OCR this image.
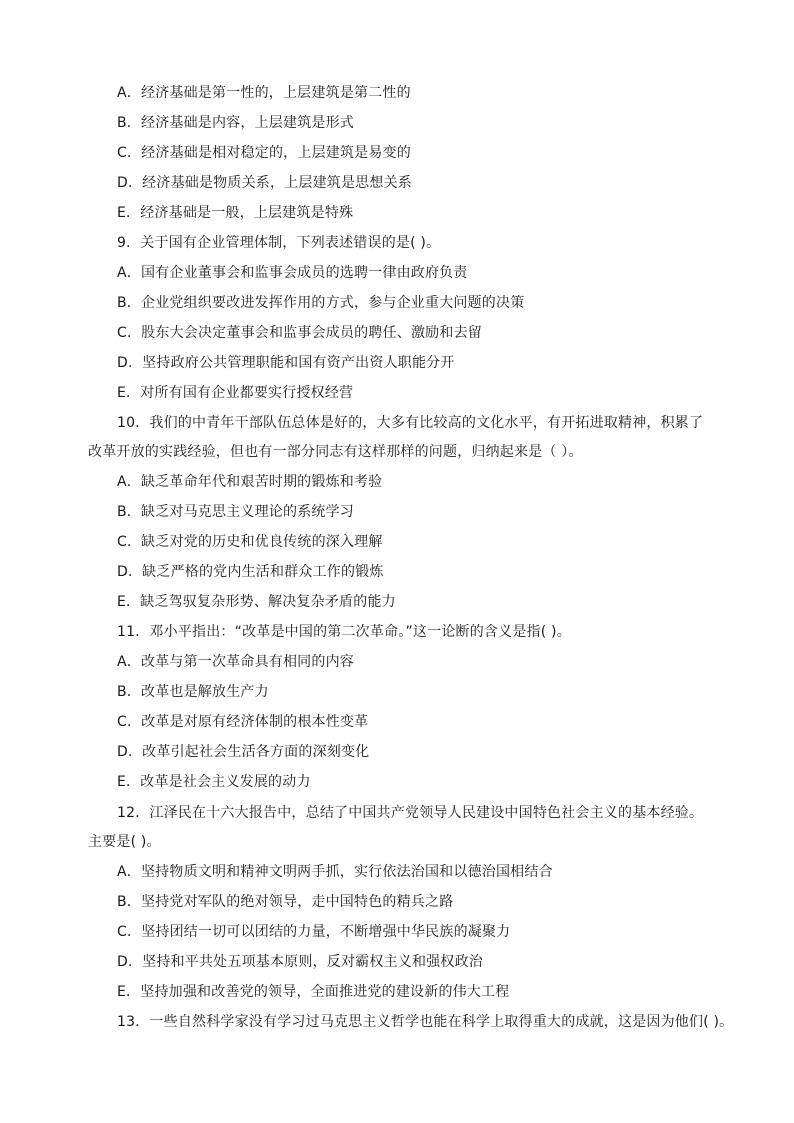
A．经济基础是第一性的，上层建筑是第二性的
B．经济基础是内容，上层建筑是形式
C．经济基础是相对稳定的，上层建筑是易变的
D．经济基础是物质关系，上层建筑是思想关系
E．经济基础是一般，上层建筑是特殊
9．关于国有企业管理体制，下列表述错误的是( )。
A．国有企业董事会和监事会成员的选聘一律由政府负责
B．企业党组织要改进发挥作用的方式，参与企业重大问题的决策
C．股东大会决定董事会和监事会成员的聘任、激励和去留
D．坚持政府公共管理职能和国有资产出资人职能分开
E．对所有国有企业都要实行授权经营
10．我们的中青年干部队伍总体是好的，大多有比较高的文化水平，有开拓进取精神，积累了
改革开放的实践经验，但也有一部分同志有这样那样的问题，归纳起来是（ ）。
A．缺乏革命年代和艰苦时期的锻炼和考验
B．缺乏对马克思主义理论的系统学习
C．缺乏对党的历史和优良传统的深入理解
D．缺乏严格的党内生活和群众工作的锻炼
E．缺乏驾驭复杂形势、解决复杂矛盾的能力
11．邓小平指出：“改革是中国的第二次革命。”这一论断的含义是指( )。
A．改革与第一次革命具有相同的内容
B．改革也是解放生产力
C．改革是对原有经济体制的根本性变革
D．改革引起社会生活各方面的深刻变化
E．改革是社会主义发展的动力
12．江泽民在十六大报告中，总结了中国共产党领导人民建设中国特色社会主义的基本经验。
主要是( )。
A．坚持物质文明和精神文明两手抓，实行依法治国和以德治国相结合
B．坚持党对军队的绝对领导，走中国特色的精兵之路
C．坚持团结一切可以团结的力量，不断增强中华民族的凝聚力
D．坚持和平共处五项基本原则，反对霸权主义和强权政治
E．坚持加强和改善党的领导，全面推进党的建设新的伟大工程
13．一些自然科学家没有学习过马克思主义哲学也能在科学上取得重大的成就，这是因为他们( )。
